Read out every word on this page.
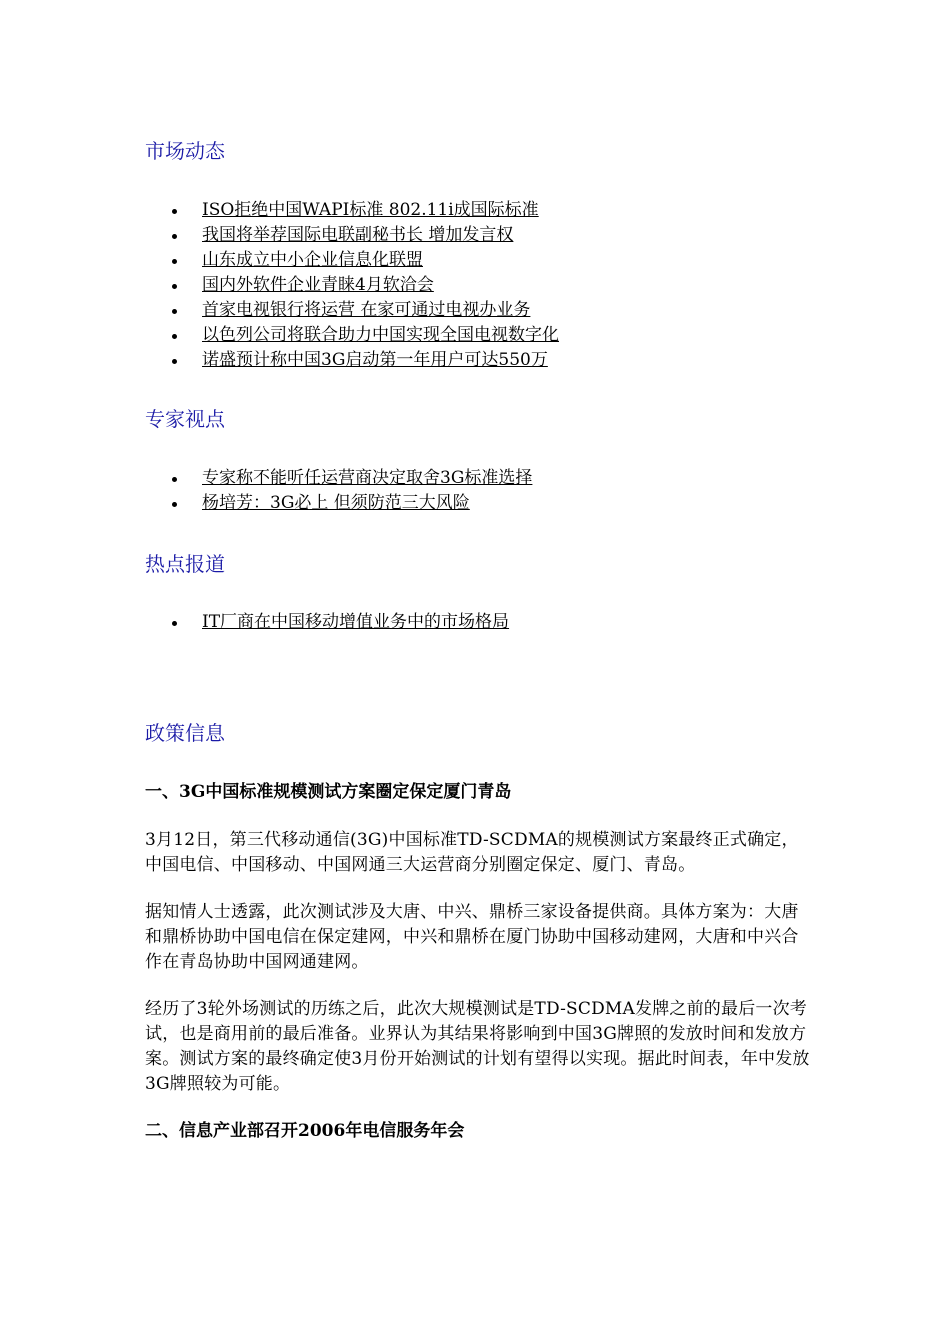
市场动态
ISO拒绝中国WAPI标准 802.11i成国际标准
我国将举荐国际电联副秘书长 增加发言权
山东成立中小企业信息化联盟
国内外软件企业青睐4月软洽会
首家电视银行将运营 在家可通过电视办业务
以色列公司将联合助力中国实现全国电视数字化
诺盛预计称中国3G启动第一年用户可达550万
专家视点
专家称不能听任运营商决定取舍3G标准选择
杨培芳：3G必上 但须防范三大风险
热点报道
IT厂商在中国移动增值业务中的市场格局
政策信息

一、3G中国标准规模测试方案圈定保定厦门青岛

3月12日，第三代移动通信(3G)中国标准TD-SCDMA的规模测试方案最终正式确定，中国电信、中国移动、中国网通三大运营商分别圈定保定、厦门、青岛。

据知情人士透露，此次测试涉及大唐、中兴、鼎桥三家设备提供商。具体方案为：大唐和鼎桥协助中国电信在保定建网，中兴和鼎桥在厦门协助中国移动建网，大唐和中兴合作在青岛协助中国网通建网。

经历了3轮外场测试的历练之后，此次大规模测试是TD-SCDMA发牌之前的最后一次考试，也是商用前的最后准备。业界认为其结果将影响到中国3G牌照的发放时间和发放方案。测试方案的最终确定使3月份开始测试的计划有望得以实现。据此时间表，年中发放3G牌照较为可能。

二、信息产业部召开2006年电信服务年会
